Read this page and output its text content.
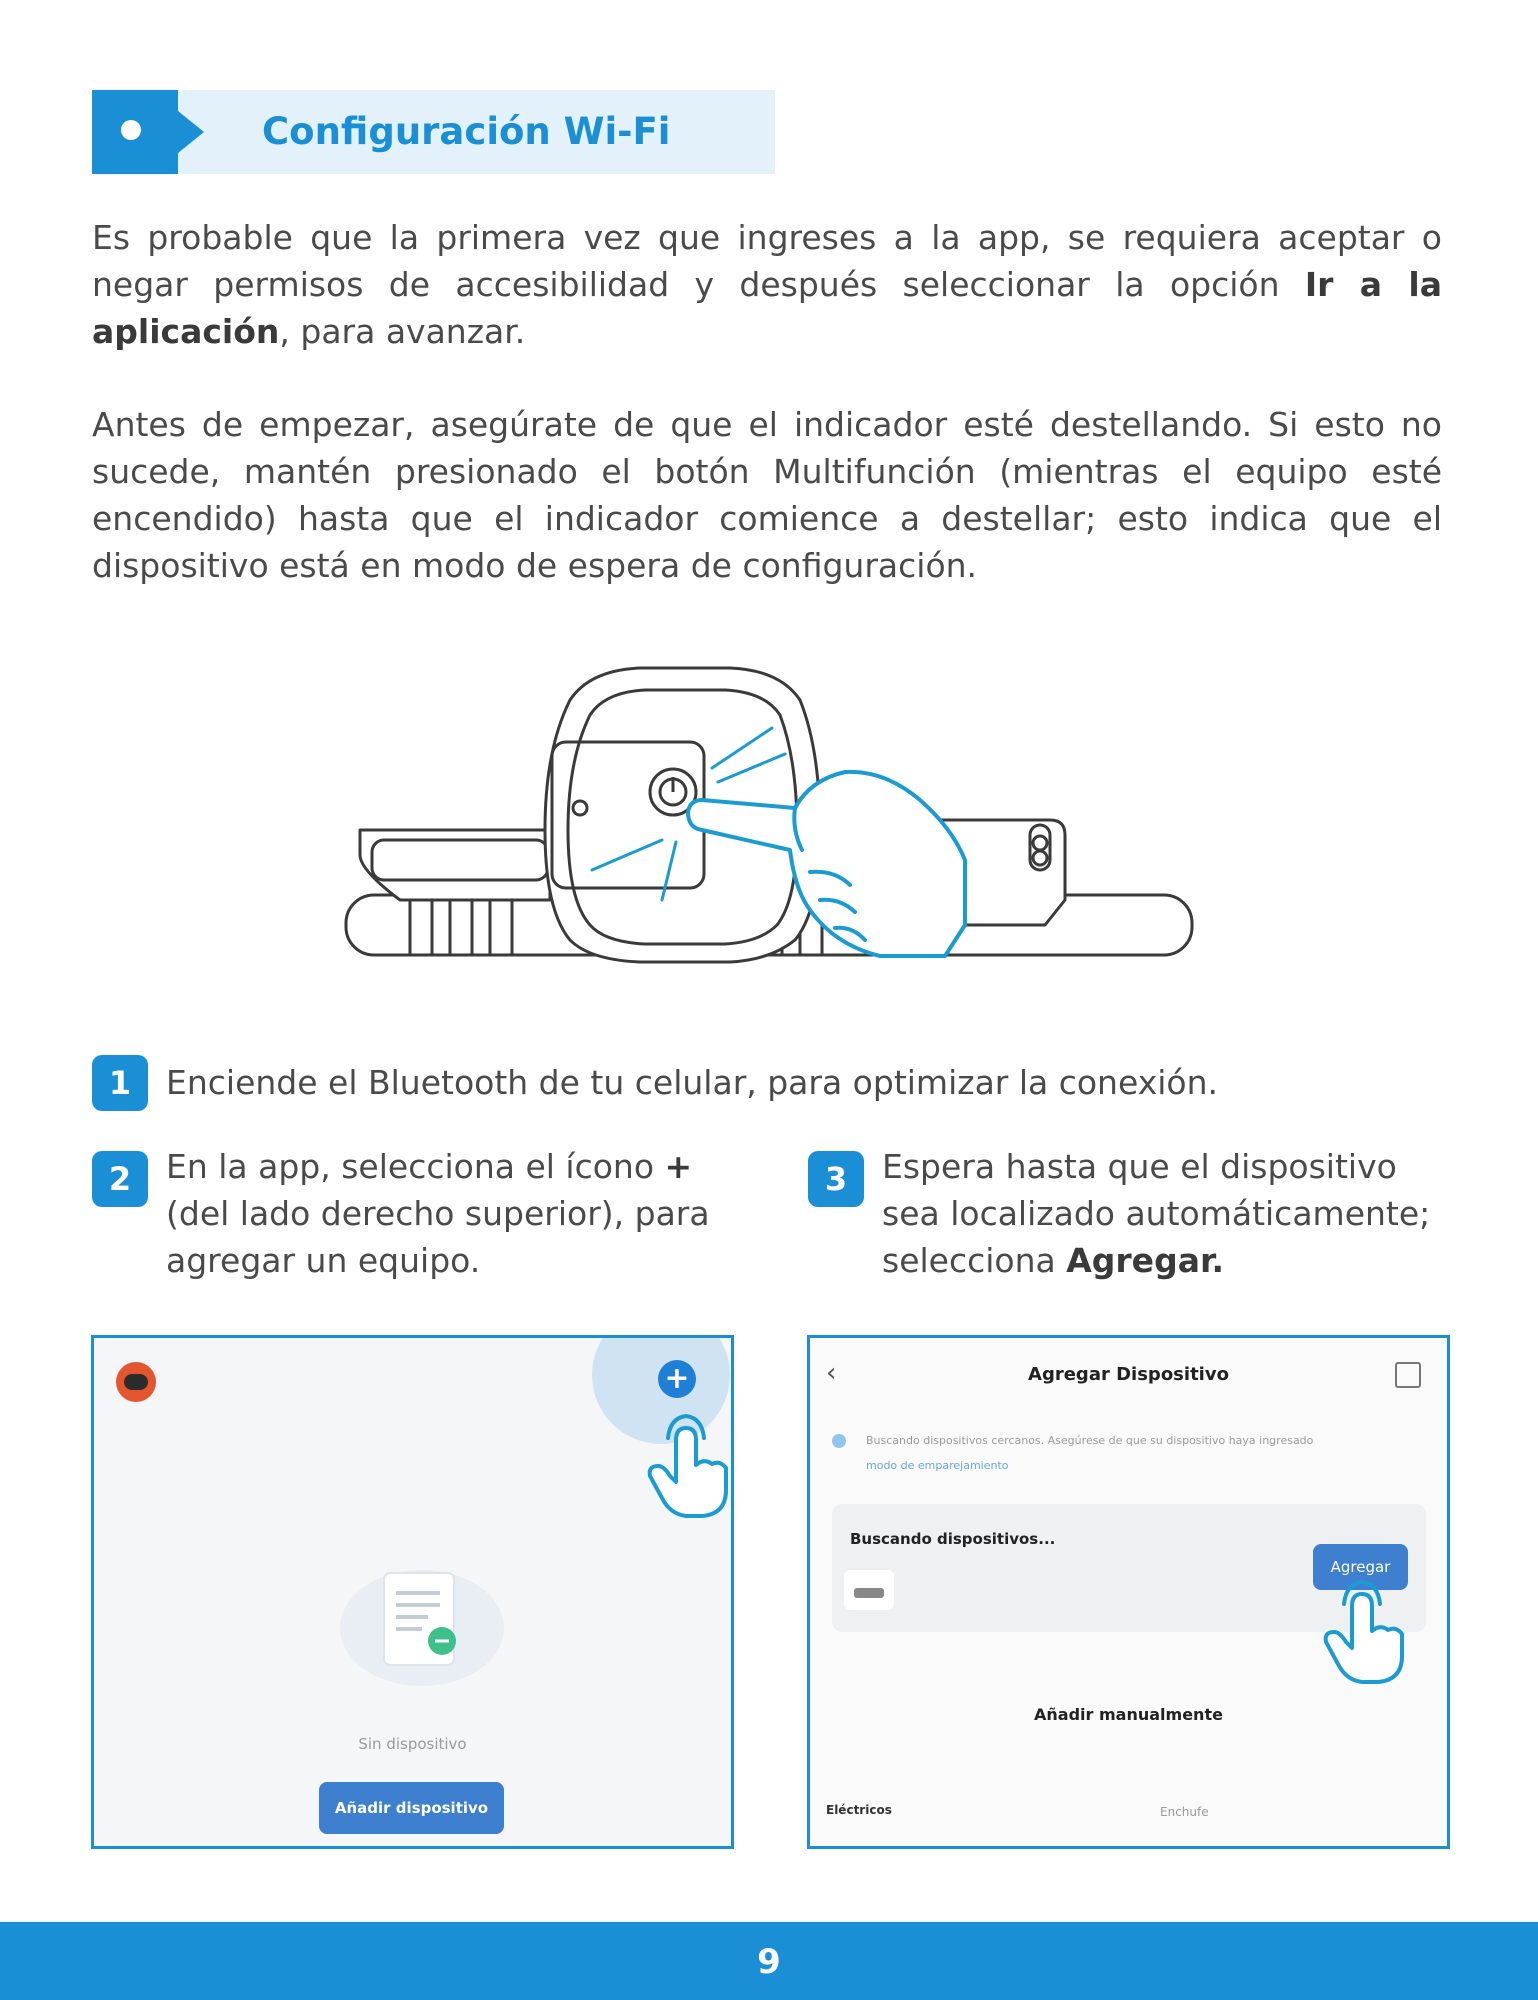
Configuración Wi-Fi

Es probable que la primera vez que ingreses a la app, se requiera aceptar o negar permisos de accesibilidad y después seleccionar la opción Ir a la aplicación, para avanzar.

Antes de empezar, asegúrate de que el indicador esté destellando. Si esto no sucede, mantén presionado el botón Multifunción (mientras el equipo esté encendido) hasta que el indicador comience a destellar; esto indica que el dispositivo está en modo de espera de configuración.

1	Enciende el Bluetooth de tu celular, para optimizar la conexión.

2	En la app, selecciona el ícono + (del lado derecho superior), para agregar un equipo.

3	Espera hasta que el dispositivo sea localizado automáticamente; selecciona Agregar.

+
Sin dispositivo
Añadir dispositivo
‹	Agregar Dispositivo
Buscando dispositivos cercanos. Asegúrese de que su dispositivo haya ingresado
modo de emparejamiento
Buscando dispositivos...
Agregar
Añadir manualmente
Eléctricos	Enchufe
9
